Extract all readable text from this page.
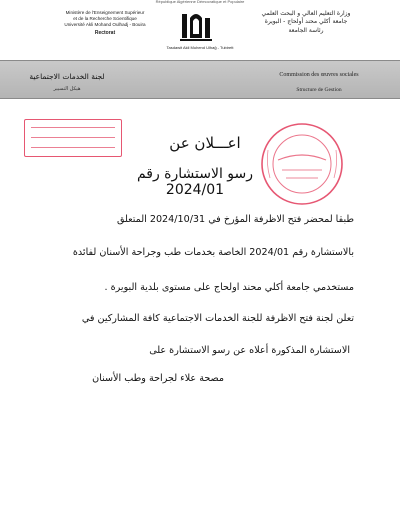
République Algérienne Démocratique et Populaire
Ministère de l'Enseignement Supérieur
et de la Recherche Scientifique
Université Akli Mohand Oulhadj - Bouira
Rectorat
Tasdawit Akli Muhend Ulhağ - Tubirett
وزارة التعليم العالي و البحث العلمي
جامعة أكلي محند أولحاج - البويرة
رئاسة الجامعة
لجنة الخدمات الاجتماعية
هيكل التسيير
Commission des œuvres sociales
Structure de Gestion
اعـــلان عن
رسو الاستشارة رقم 2024/01
طبقا لمحضر فتح الاظرفة المؤرخ في 2024/10/31 المتعلق
بالاستشارة رقم 2024/01 الخاصة بخدمات طب وجراحة الأسنان لفائدة
مستخدمي جامعة أكلي محند اولحاج على مستوى بلدية البويرة .
تعلن لجنة فتح الاظرفة للجنة الخدمات الاجتماعية كافة المشاركين في
الاستشارة المذكورة أعلاه عن رسو الاستشارة على
مصحة علاء لجراحة وطب الأسنان
